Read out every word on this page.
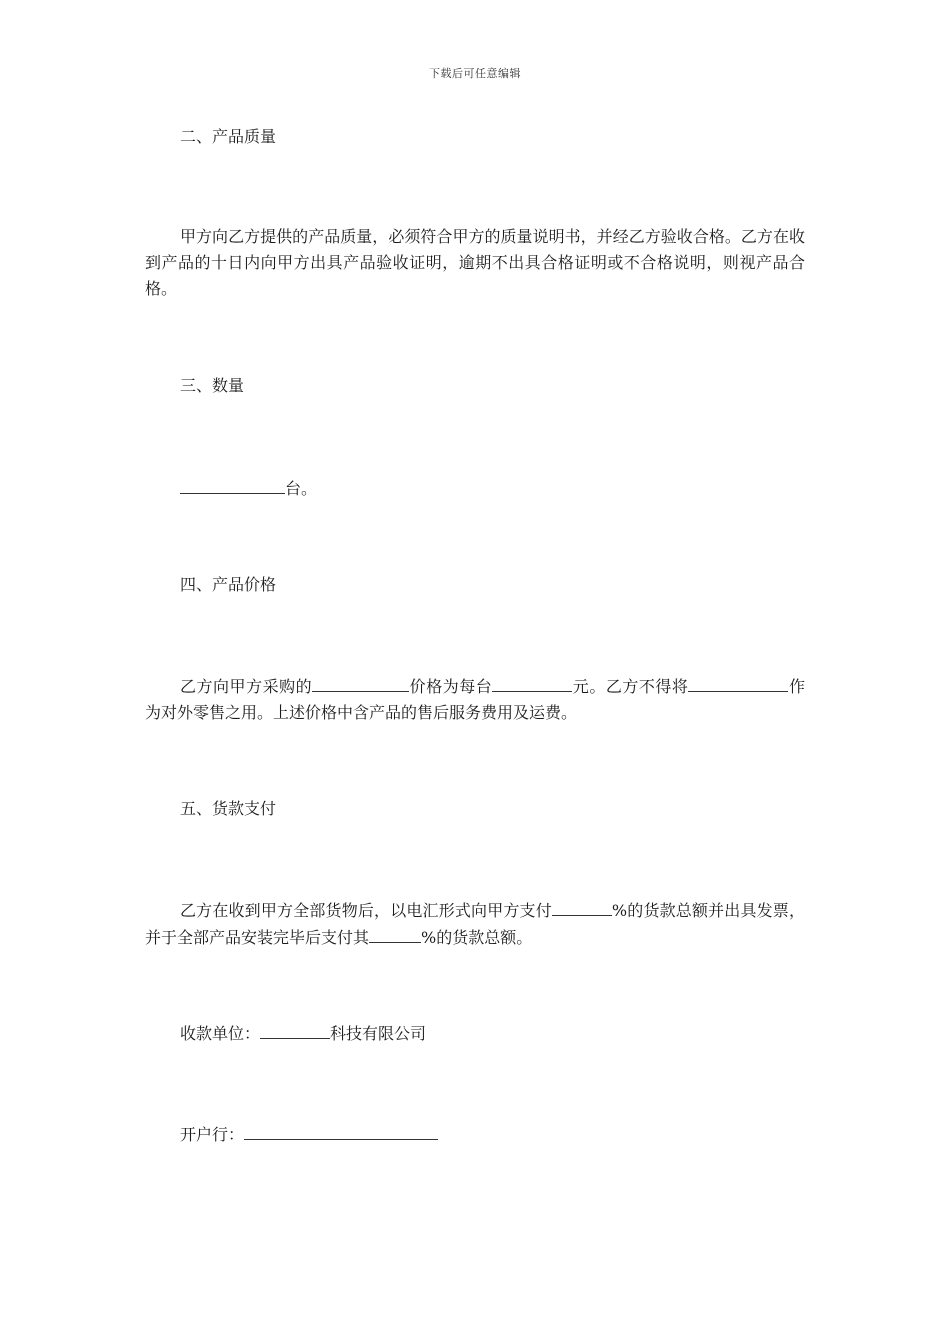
下载后可任意编辑
二、产品质量
甲方向乙方提供的产品质量，必须符合甲方的质量说明书，并经乙方验收合格。乙方在收到产品的十日内向甲方出具产品验收证明，逾期不出具合格证明或不合格说明，则视产品合格。
三、数量
台。
四、产品价格
乙方向甲方采购的	价格为每台	元。乙方不得将	作为对外零售之用。上述价格中含产品的售后服务费用及运费。
五、货款支付
乙方在收到甲方全部货物后，以电汇形式向甲方支付	%的货款总额并出具发票，并于全部产品安装完毕后支付其	%的货款总额。
收款单位：	科技有限公司
开户行：
